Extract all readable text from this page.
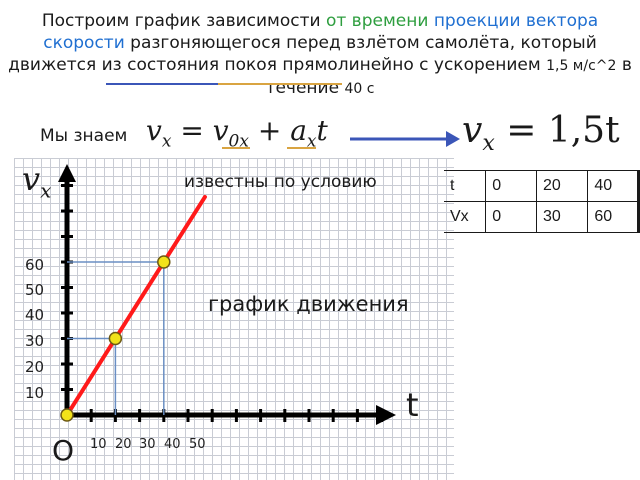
Построим график зависимости от времени проекции вектора скорости разгоняющегося перед взлётом самолёта, который движется из состояния покоя прямолинейно с ускорением 1,5 м/с^2 в течение 40 с
Мы знаем $v_x = v_{0x} + a_xt$	$v_x = 1,5t$
t	0	20	40
Vx	0	30	60
известны по условию
график движения
$v_x$
t
O
60
50
40
30
20
10
10 20 30 40 50
